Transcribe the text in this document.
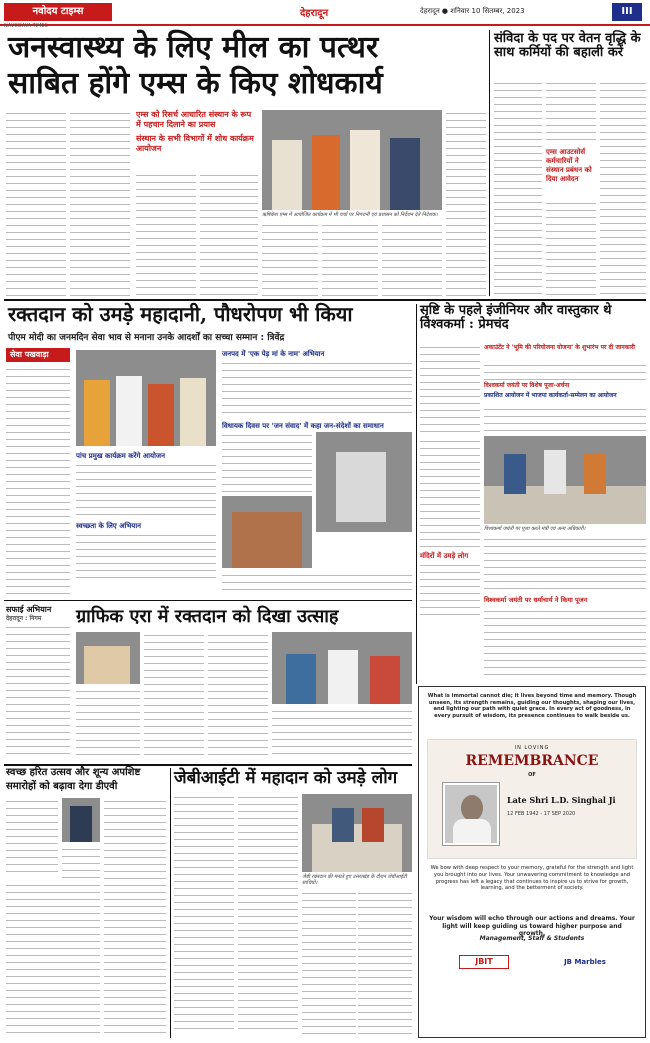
नवोदय टाइम्स
NAVODAYA TIMES
देहरादून	देहरादून ● शनिवार 10 सितम्बर, 2023	III
जनस्वास्थ्य के लिए मील का पत्थर
साबित होंगे एम्स के किए शोधकार्य
एम्स को रिसर्च आधारित संस्थान के रूप में पहचान दिलाने का प्रयास
संस्थान के सभी विभागों में शोध कार्यक्रम आयोजन
ऋषिकेश एम्स में आयोजित कार्यक्रम में भी चर्चा पर निगरानी एवं प्रशासन को निर्देशन देते निदेशक।
संविदा के पद पर वेतन वृद्धि के साथ कर्मियों की बहाली करें
एम्स आउटसोर्स कर्मचारियों ने संस्थान प्रबंधन को दिया आवेदन
रक्तदान को उमड़े महादानी, पौधरोपण भी किया
पीएम मोदी का जनमदिन सेवा भाव से मनाना उनके आदर्शों का सच्चा सम्मान : त्रिवेंद्र
सेवा पखवाड़ा
पांच प्रमुख कार्यक्रम करेंगे आयोजन
स्वच्छ्ता के लिए अभियान
जनपद में 'एक पेड़ मां के नाम' अभियान
विधायक दिवस पर 'जन संवाद' में कहा जन-संदेशों का समाधान
सृष्टि के पहले इंजीनियर और वास्तुकार थे विश्वकर्मा : प्रेमचंद
अकाउंटेंट ने 'भूमि की परियोजना योजना' के शुभारंभ पर दी जानकारी
विश्वकर्मा जयंती पर विशेष पूजा-अर्चना
प्रकाशित आयोजन में भाजपा कार्यकर्ता-सम्मेलन का आयोजन
विश्वकर्मा जयंती पर पूजा करते मंत्री एवं अन्य अधिकारी।
मंदिरों में उमड़े लोग
विश्वकर्मा जयंती पर धर्माचार्य ने किया पूजन
सफाई अभियान
देहरादून : निगम	ग्राफिक एरा में रक्तदान को दिखा उत्साह
स्वच्छ हरित उत्सव और शून्य अपशिष्ट
समारोहों को बढ़ावा देगा डीएवी	जेबीआईटी में महादान को उमड़े लोग
जेबी रक्तदान की मनाते हुए उत्तराखंड के दौरान जेबीआईटी साथियों।
What is immortal cannot die; it lives beyond time and memory. Though unseen, its strength remains, guiding our thoughts, shaping our lives, and lighting our path with quiet grace. In every act of goodness, in every pursuit of wisdom, its presence continues to walk beside us.
IN LOVING
REMEMBRANCE
OF
Late Shri L.D. Singhal Ji
12 FEB 1942 - 17 SEP 2020
We bow with deep respect to your memory, grateful for the strength and light you brought into our lives. Your unwavering commitment to knowledge and progress has left a legacy that continues to inspire us to strive for growth, learning, and the betterment of society.
Your wisdom will echo through our actions and dreams. Your light will keep guiding us toward higher purpose and growth.
Management, Staff & Students
JBIT	JB Marbles
